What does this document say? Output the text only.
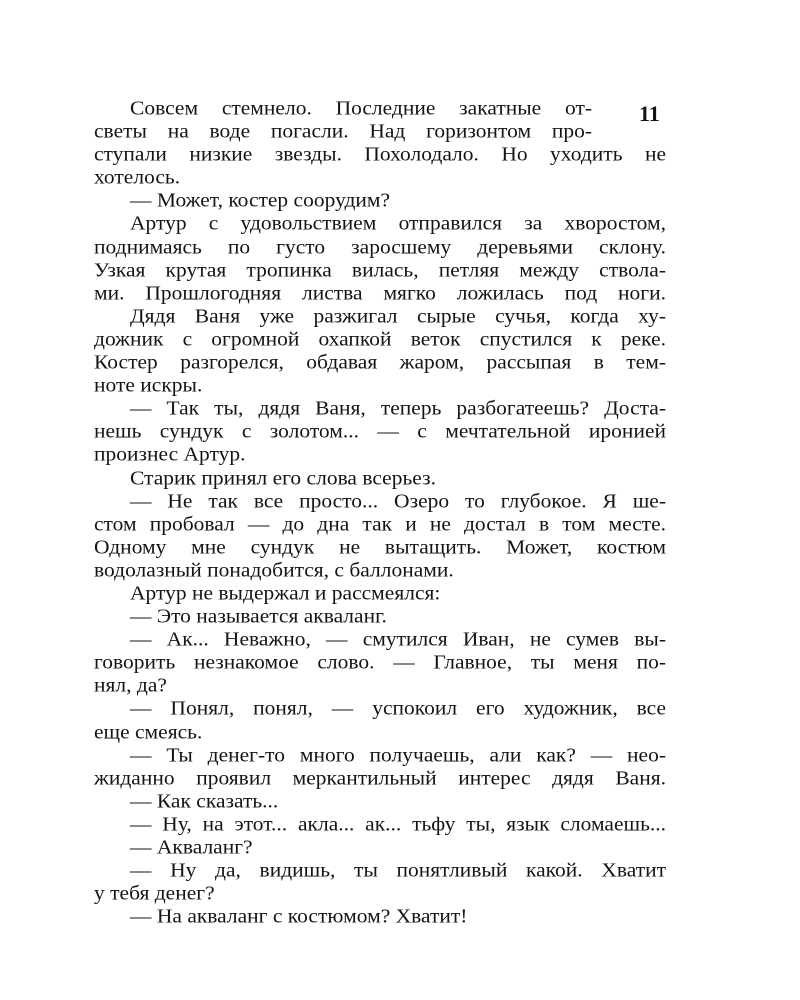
11
Совсем стемнело. Последние закатные от-
светы на воде погасли. Над горизонтом про-
ступали низкие звезды. Похолодало. Но уходить не
хотелось.
— Может, костер соорудим?
Артур с удовольствием отправился за хворостом,
поднимаясь по густо заросшему деревьями склону.
Узкая крутая тропинка вилась, петляя между ствола-
ми. Прошлогодняя листва мягко ложилась под ноги.
Дядя Ваня уже разжигал сырые сучья, когда ху-
дожник с огромной охапкой веток спустился к реке.
Костер разгорелся, обдавая жаром, рассыпая в тем-
ноте искры.
— Так ты, дядя Ваня, теперь разбогатеешь? Доста-
нешь сундук с золотом... — с мечтательной иронией
произнес Артур.
Старик принял его слова всерьез.
— Не так все просто... Озеро то глубокое. Я ше-
стом пробовал — до дна так и не достал в том месте.
Одному мне сундук не вытащить. Может, костюм
водолазный понадобится, с баллонами.
Артур не выдержал и рассмеялся:
— Это называется акваланг.
— Ак... Неважно, — смутился Иван, не сумев вы-
говорить незнакомое слово. — Главное, ты меня по-
нял, да?
— Понял, понял, — успокоил его художник, все
еще смеясь.
— Ты денег-то много получаешь, али как? — нео-
жиданно проявил меркантильный интерес дядя Ваня.
— Как сказать...
— Ну, на этот... акла... ак... тьфу ты, язык сломаешь...
— Акваланг?
— Ну да, видишь, ты понятливый какой. Хватит
у тебя денег?
— На акваланг с костюмом? Хватит!
